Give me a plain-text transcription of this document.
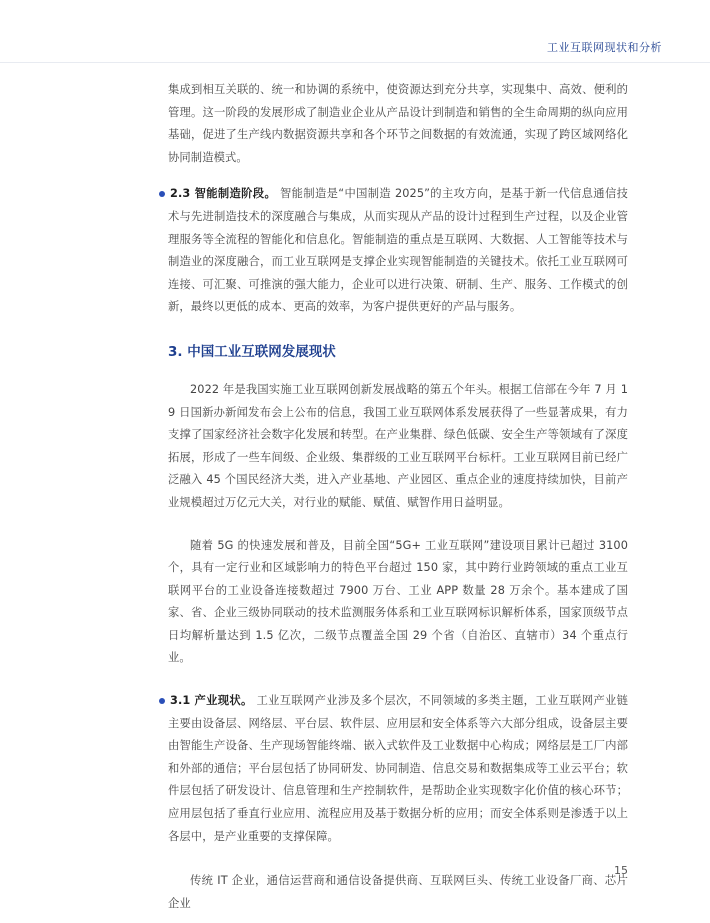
工业互联网现状和分析

集成到相互关联的、统一和协调的系统中，使资源达到充分共享，实现集中、高效、便利的管理。这一阶段的发展形成了制造业企业从产品设计到制造和销售的全生命周期的纵向应用基础，促进了生产线内数据资源共享和各个环节之间数据的有效流通，实现了跨区域网络化协同制造模式。

2.3 智能制造阶段。 智能制造是“中国制造 2025”的主攻方向，是基于新一代信息通信技术与先进制造技术的深度融合与集成，从而实现从产品的设计过程到生产过程，以及企业管理服务等全流程的智能化和信息化。智能制造的重点是互联网、大数据、人工智能等技术与制造业的深度融合，而工业互联网是支撑企业实现智能制造的关键技术。依托工业互联网可连接、可汇聚、可推演的强大能力，企业可以进行决策、研制、生产、服务、工作模式的创新，最终以更低的成本、更高的效率，为客户提供更好的产品与服务。

3. 中国工业互联网发展现状

2022 年是我国实施工业互联网创新发展战略的第五个年头。根据工信部在今年 7 月 19 日国新办新闻发布会上公布的信息，我国工业互联网体系发展获得了一些显著成果，有力支撑了国家经济社会数字化发展和转型。在产业集群、绿色低碳、安全生产等领域有了深度拓展，形成了一些车间级、企业级、集群级的工业互联网平台标杆。工业互联网目前已经广泛融入 45 个国民经济大类，进入产业基地、产业园区、重点企业的速度持续加快，目前产业规模超过万亿元大关，对行业的赋能、赋值、赋智作用日益明显。

随着 5G 的快速发展和普及，目前全国“5G+ 工业互联网”建设项目累计已超过 3100 个，具有一定行业和区域影响力的特色平台超过 150 家，其中跨行业跨领域的重点工业互联网平台的工业设备连接数超过 7900 万台、工业 APP 数量 28 万余个。基本建成了国家、省、企业三级协同联动的技术监测服务体系和工业互联网标识解析体系，国家顶级节点日均解析量达到 1.5 亿次，二级节点覆盖全国 29 个省（自治区、直辖市）34 个重点行业。

3.1 产业现状。 工业互联网产业涉及多个层次，不同领域的多类主题，工业互联网产业链主要由设备层、网络层、平台层、软件层、应用层和安全体系等六大部分组成，设备层主要由智能生产设备、生产现场智能终端、嵌入式软件及工业数据中心构成；网络层是工厂内部和外部的通信；平台层包括了协同研发、协同制造、信息交易和数据集成等工业云平台；软件层包括了研发设计、信息管理和生产控制软件，是帮助企业实现数字化价值的核心环节；应用层包括了垂直行业应用、流程应用及基于数据分析的应用；而安全体系则是渗透于以上各层中，是产业重要的支撑保障。

传统 IT 企业，通信运营商和通信设备提供商、互联网巨头、传统工业设备厂商、芯片企业

15
